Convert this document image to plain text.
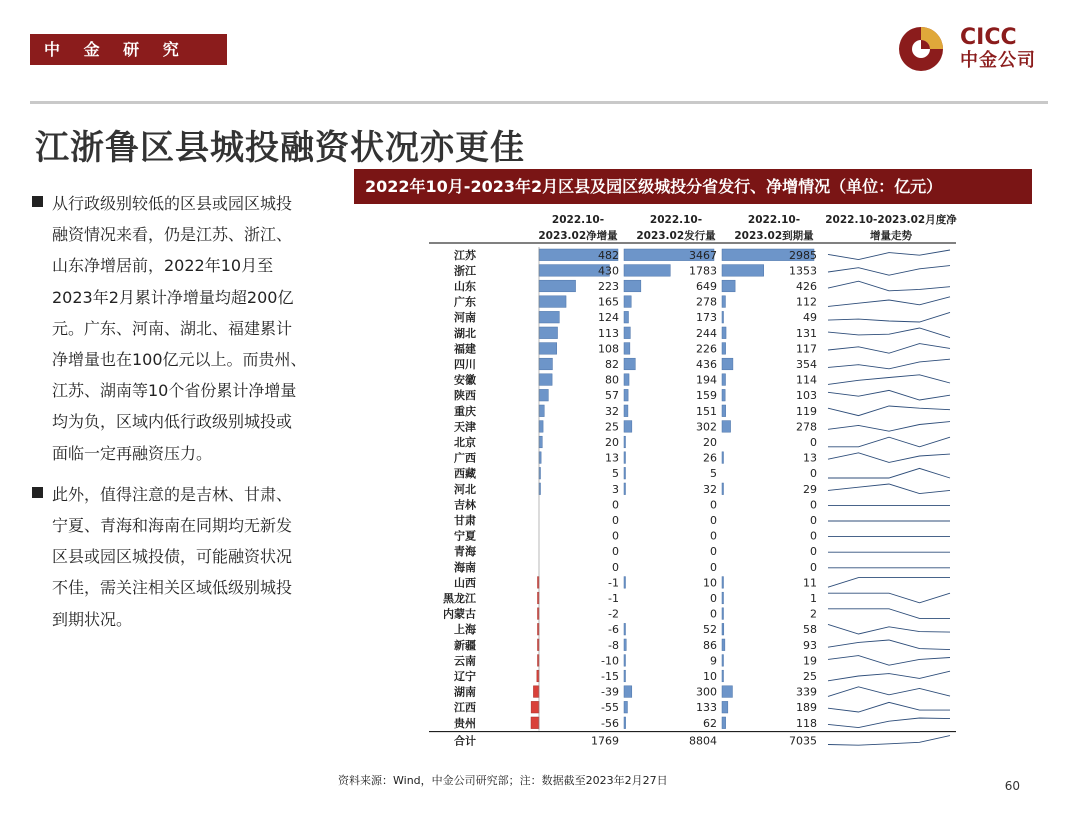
中 金 研 究 部
CICC
中金公司
江浙鲁区县城投融资状况亦更佳

从行政级别较低的区县或园区城投
融资情况来看，仍是江苏、浙江、
山东净增居前，2022年10月至
2023年2月累计净增量均超200亿
元。广东、河南、湖北、福建累计
净增量也在100亿元以上。而贵州、
江苏、湖南等10个省份累计净增量
均为负，区域内低行政级别城投或
面临一定再融资压力。

此外，值得注意的是吉林、甘肃、
宁夏、青海和海南在同期均无新发
区县或园区城投债，可能融资状况
不佳，需关注相关区域低级别城投
到期状况。

2022年10月-2023年2月区县及园区级城投分省发行、净增情况（单位：亿元）
2022.10-
2023.02净增量
2022.10-
2023.02发行量
2022.10-
2023.02到期量
2022.10-2023.02月度净
增量走势
江苏	482	3467	2985
浙江	430	1783	1353
山东	223	649	426
广东	165	278	112
河南	124	173	49
湖北	113	244	131
福建	108	226	117
四川	82	436	354
安徽	80	194	114
陕西	57	159	103
重庆	32	151	119
天津	25	302	278
北京	20	20	0
广西	13	26	13
西藏	5	5	0
河北	3	32	29
吉林	0	0	0
甘肃	0	0	0
宁夏	0	0	0
青海	0	0	0
海南	0	0	0
山西	-1	10	11
黑龙江	-1	0	1
内蒙古	-2	0	2
上海	-6	52	58
新疆	-8	86	93
云南	-10	9	19
辽宁	-15	10	25
湖南	-39	300	339
江西	-55	133	189
贵州	-56	62	118
合计	1769	8804	7035
资料来源：Wind，中金公司研究部；注：数据截至2023年2月27日	60
